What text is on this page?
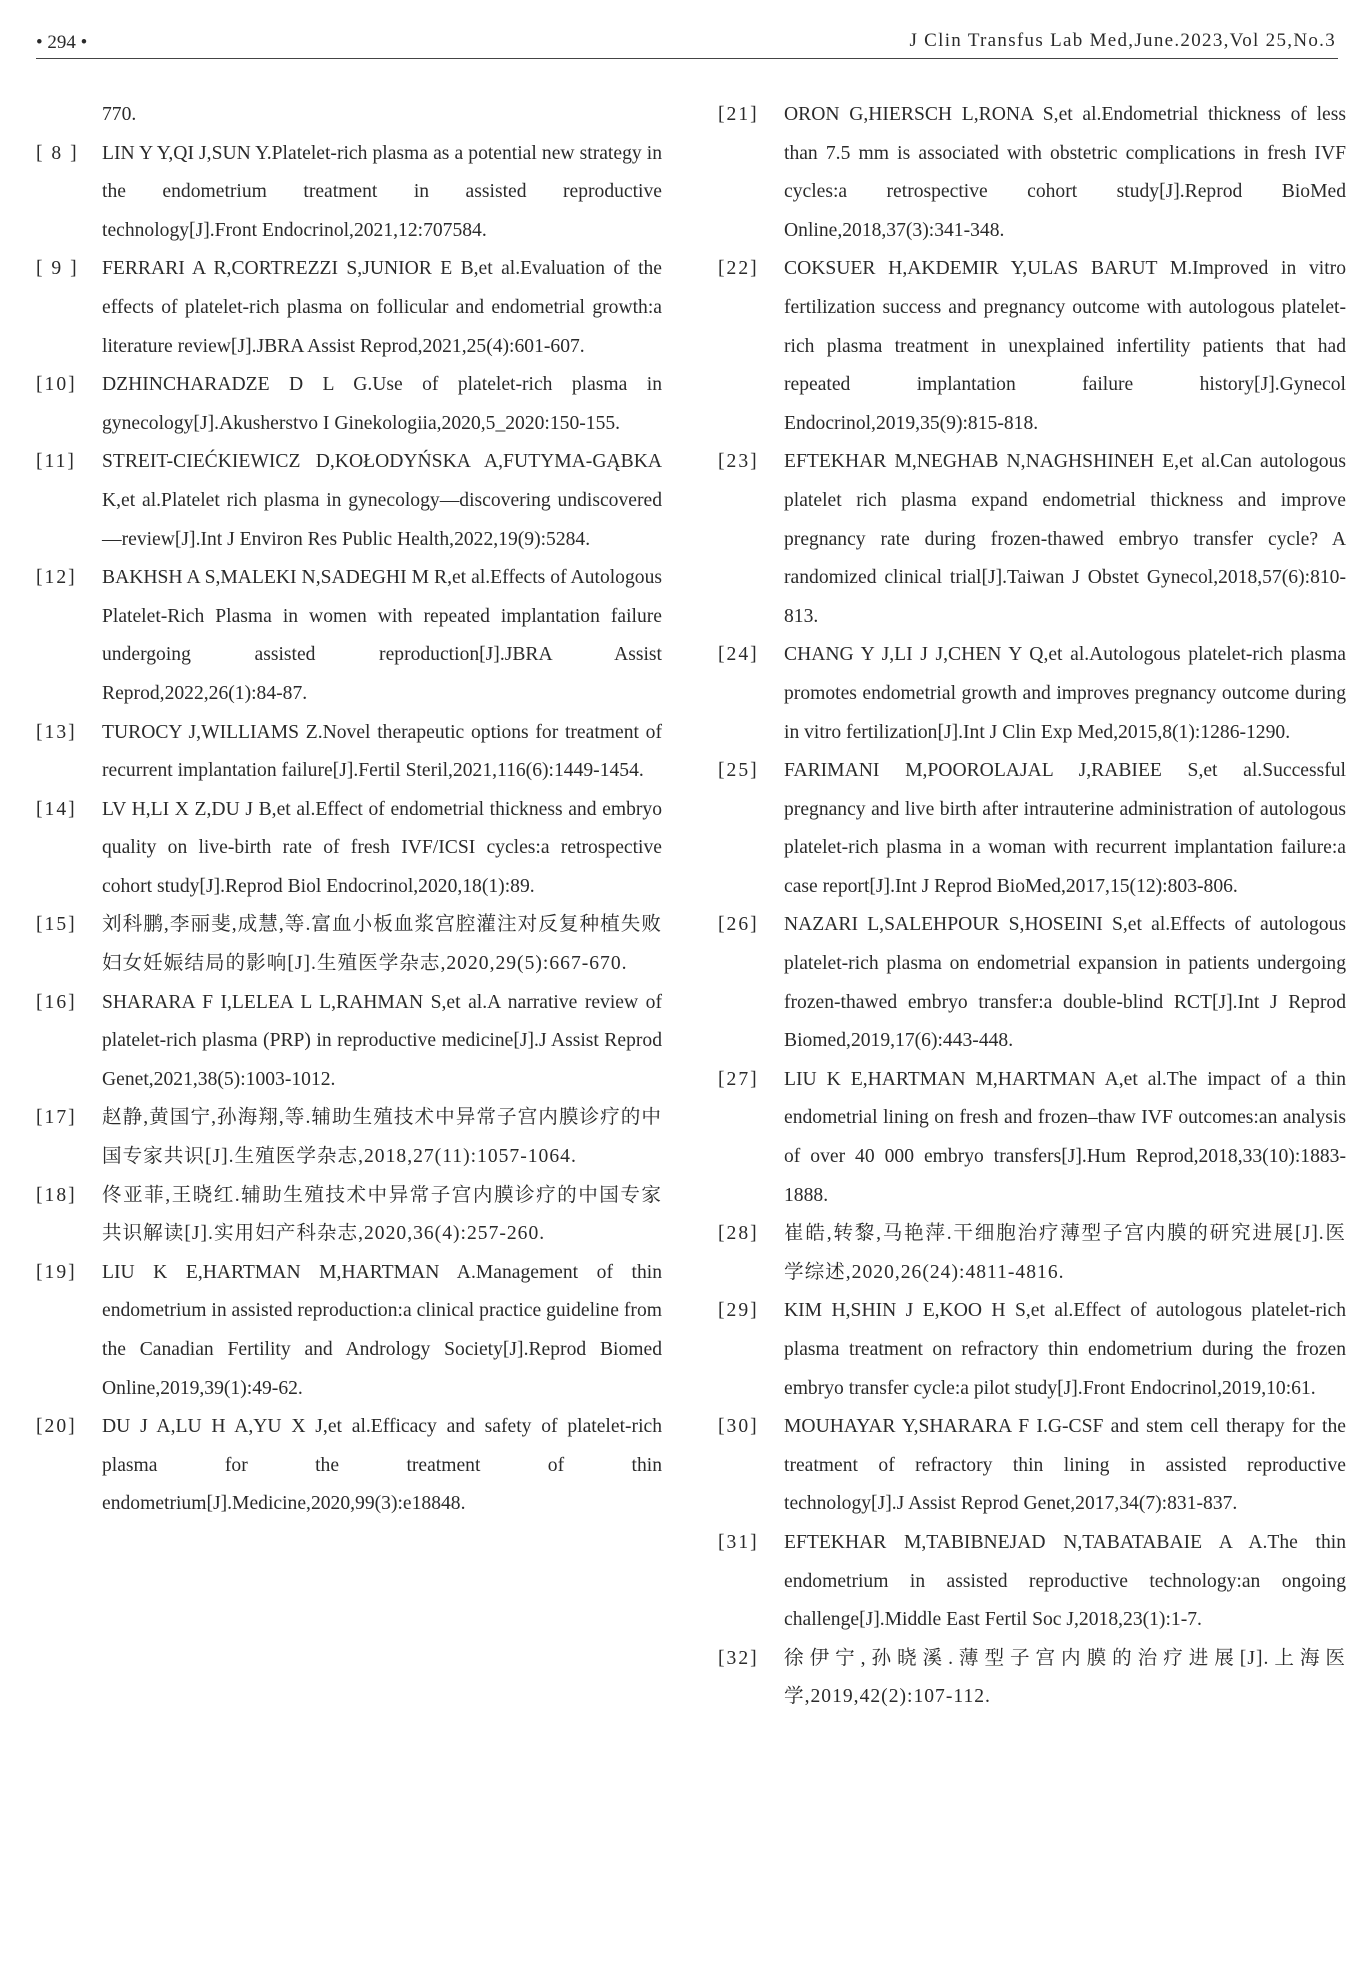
• 294 •	J Clin Transfus Lab Med,June.2023,Vol 25,No.3
770.
[ 8 ] LIN Y Y,QI J,SUN Y.Platelet-rich plasma as a potential new strategy in the endometrium treatment in assisted reproductive technology[J].Front Endocrinol,2021,12:707584.
[ 9 ] FERRARI A R,CORTREZZI S,JUNIOR E B,et al.Evaluation of the effects of platelet-rich plasma on follicular and endometrial growth:a literature review[J].JBRA Assist Reprod,2021,25(4):601-607.
[10] DZHINCHARADZE D L G.Use of platelet-rich plasma in gynecology[J].Akusherstvo I Ginekologiia,2020,5_2020:150-155.
[11] STREIT-CIEĆKIEWICZ D,KOŁODYŃSKA A,FUTYMA-GĄBKA K,et al.Platelet rich plasma in gynecology—discovering undiscovered—review[J].Int J Environ Res Public Health,2022,19(9):5284.
[12] BAKHSH A S,MALEKI N,SADEGHI M R,et al.Effects of Autologous Platelet-Rich Plasma in women with repeated implantation failure undergoing assisted reproduction[J].JBRA Assist Reprod,2022,26(1):84-87.
[13] TUROCY J,WILLIAMS Z.Novel therapeutic options for treatment of recurrent implantation failure[J].Fertil Steril,2021,116(6):1449-1454.
[14] LV H,LI X Z,DU J B,et al.Effect of endometrial thickness and embryo quality on live-birth rate of fresh IVF/ICSI cycles:a retrospective cohort study[J].Reprod Biol Endocrinol,2020,18(1):89.
[15] 刘科鹏,李丽斐,成慧,等.富血小板血浆宫腔灌注对反复种植失败妇女妊娠结局的影响[J].生殖医学杂志,2020,29(5):667-670.
[16] SHARARA F I,LELEA L L,RAHMAN S,et al.A narrative review of platelet-rich plasma (PRP) in reproductive medicine[J].J Assist Reprod Genet,2021,38(5):1003-1012.
[17] 赵静,黄国宁,孙海翔,等.辅助生殖技术中异常子宫内膜诊疗的中国专家共识[J].生殖医学杂志,2018,27(11):1057-1064.
[18] 佟亚菲,王晓红.辅助生殖技术中异常子宫内膜诊疗的中国专家共识解读[J].实用妇产科杂志,2020,36(4):257-260.
[19] LIU K E,HARTMAN M,HARTMAN A.Management of thin endometrium in assisted reproduction:a clinical practice guideline from the Canadian Fertility and Andrology Society[J].Reprod Biomed Online,2019,39(1):49-62.
[20] DU J A,LU H A,YU X J,et al.Efficacy and safety of platelet-rich plasma for the treatment of thin endometrium[J].Medicine,2020,99(3):e18848.
[21] ORON G,HIERSCH L,RONA S,et al.Endometrial thickness of less than 7.5 mm is associated with obstetric complications in fresh IVF cycles:a retrospective cohort study[J].Reprod BioMed Online,2018,37(3):341-348.
[22] COKSUER H,AKDEMIR Y,ULAS BARUT M.Improved in vitro fertilization success and pregnancy outcome with autologous platelet-rich plasma treatment in unexplained infertility patients that had repeated implantation failure history[J].Gynecol Endocrinol,2019,35(9):815-818.
[23] EFTEKHAR M,NEGHAB N,NAGHSHINEH E,et al.Can autologous platelet rich plasma expand endometrial thickness and improve pregnancy rate during frozen-thawed embryo transfer cycle? A randomized clinical trial[J].Taiwan J Obstet Gynecol,2018,57(6):810-813.
[24] CHANG Y J,LI J J,CHEN Y Q,et al.Autologous platelet-rich plasma promotes endometrial growth and improves pregnancy outcome during in vitro fertilization[J].Int J Clin Exp Med,2015,8(1):1286-1290.
[25] FARIMANI M,POOROLAJAL J,RABIEE S,et al.Successful pregnancy and live birth after intrauterine administration of autologous platelet-rich plasma in a woman with recurrent implantation failure:a case report[J].Int J Reprod BioMed,2017,15(12):803-806.
[26] NAZARI L,SALEHPOUR S,HOSEINI S,et al.Effects of autologous platelet-rich plasma on endometrial expansion in patients undergoing frozen-thawed embryo transfer:a double-blind RCT[J].Int J Reprod Biomed,2019,17(6):443-448.
[27] LIU K E,HARTMAN M,HARTMAN A,et al.The impact of a thin endometrial lining on fresh and frozen–thaw IVF outcomes:an analysis of over 40 000 embryo transfers[J].Hum Reprod,2018,33(10):1883-1888.
[28] 崔皓,转黎,马艳萍.干细胞治疗薄型子宫内膜的研究进展[J].医学综述,2020,26(24):4811-4816.
[29] KIM H,SHIN J E,KOO H S,et al.Effect of autologous platelet-rich plasma treatment on refractory thin endometrium during the frozen embryo transfer cycle:a pilot study[J].Front Endocrinol,2019,10:61.
[30] MOUHAYAR Y,SHARARA F I.G-CSF and stem cell therapy for the treatment of refractory thin lining in assisted reproductive technology[J].J Assist Reprod Genet,2017,34(7):831-837.
[31] EFTEKHAR M,TABIBNEJAD N,TABATABAIE A A.The thin endometrium in assisted reproductive technology:an ongoing challenge[J].Middle East Fertil Soc J,2018,23(1):1-7.
[32] 徐伊宁,孙晓溪.薄型子宫内膜的治疗进展[J].上海医学,2019,42(2):107-112.
